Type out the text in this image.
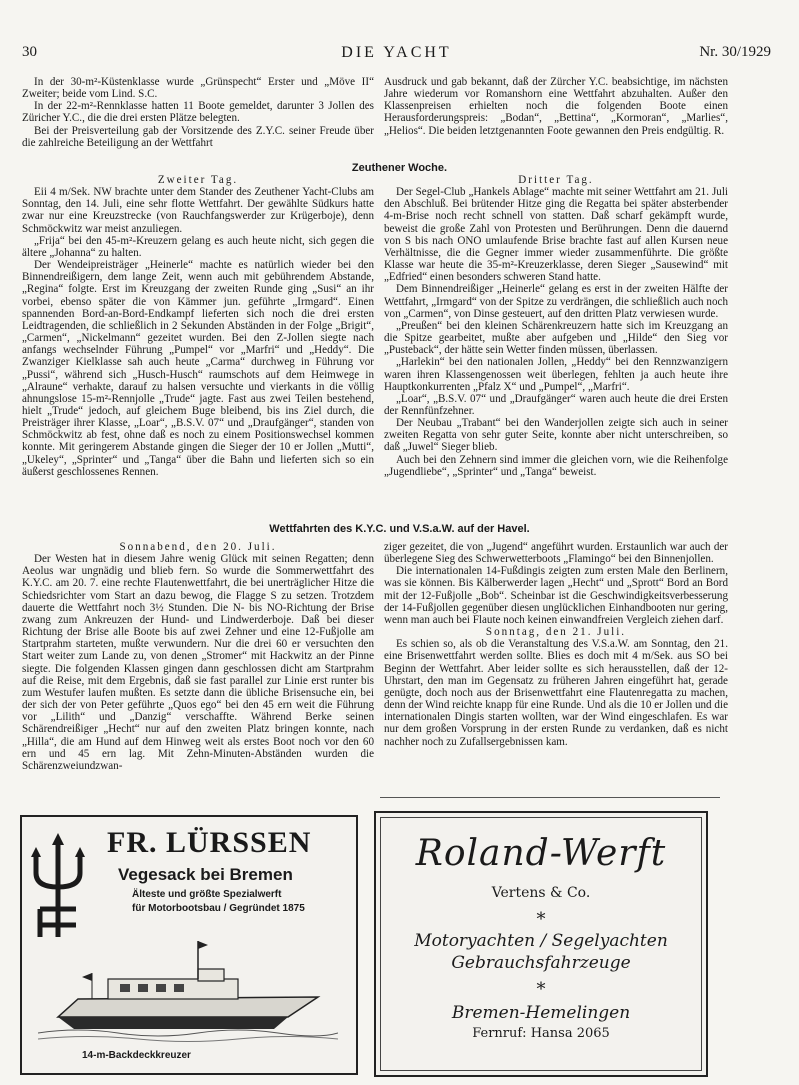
30	DIE YACHT	Nr. 30/1929

In der 30-m²-Küstenklasse wurde „Grünspecht“ Erster und „Möve II“ Zweiter; beide vom Lind. S.C.

In der 22-m²-Rennklasse hatten 11 Boote gemeldet, darunter 3 Jollen des Züricher Y.C., die die drei ersten Plätze belegten.

Bei der Preisverteilung gab der Vorsitzende des Z.Y.C. seiner Freude über die zahlreiche Beteiligung an der Wettfahrt

Ausdruck und gab bekannt, daß der Zürcher Y.C. beabsichtige, im nächsten Jahre wiederum vor Romanshorn eine Wettfahrt abzuhalten. Außer den Klassenpreisen erhielten noch die folgenden Boote einen Herausforderungspreis: „Bodan“, „Bettina“, „Kormoran“, „Marlies“, „Helios“. Die beiden letztgenannten Foote gewannen den Preis endgültig. R.

Zeuthener Woche.

Zweiter Tag.

Eii 4 m/Sek. NW brachte unter dem Stander des Zeuthener Yacht-Clubs am Sonntag, den 14. Juli, eine sehr flotte Wettfahrt. Der gewählte Südkurs hatte zwar nur eine Kreuzstrecke (von Rauchfangswerder zur Krügerboje), denn Schmöckwitz war meist anzuliegen.

„Frija“ bei den 45-m²-Kreuzern gelang es auch heute nicht, sich gegen die ältere „Johanna“ zu halten.

Der Wendeipreisträger „Heinerle“ machte es natürlich wieder bei den Binnendreißigern, dem lange Zeit, wenn auch mit gebührendem Abstande, „Regina“ folgte. Erst im Kreuzgang der zweiten Runde ging „Susi“ an ihr vorbei, ebenso später die von Kämmer jun. geführte „Irmgard“. Einen spannenden Bord-an-Bord-Endkampf lieferten sich noch die drei ersten Leidtragenden, die schließlich in 2 Sekunden Abständen in der Folge „Brigit“, „Carmen“, „Nickelmann“ gezeitet wurden. Bei den Z-Jollen siegte nach anfangs wechselnder Führung „Pumpel“ vor „Marfri“ und „Heddy“. Die Zwanziger Kielklasse sah auch heute „Carma“ durchweg in Führung vor „Pussi“, während sich „Husch-Husch“ raumschots auf dem Heimwege in „Alraune“ verhakte, darauf zu halsen versuchte und vierkants in die völlig ahnungslose 15-m²-Rennjolle „Trude“ jagte. Fast aus zwei Teilen bestehend, hielt „Trude“ jedoch, auf gleichem Buge bleibend, bis ins Ziel durch, die Preisträger ihrer Klasse, „Loar“, „B.S.V. 07“ und „Draufgänger“, standen von Schmöckwitz ab fest, ohne daß es noch zu einem Positionswechsel kommen konnte. Mit geringerem Abstande gingen die Sieger der 10 er Jollen „Mutti“, „Ukeley“, „Sprinter“ und „Tanga“ über die Bahn und lieferten sich so ein äußerst geschlossenes Rennen.

Dritter Tag.

Der Segel-Club „Hankels Ablage“ machte mit seiner Wettfahrt am 21. Juli den Abschluß. Bei brütender Hitze ging die Regatta bei später absterbender 4-m-Brise noch recht schnell von statten. Daß scharf gekämpft wurde, beweist die große Zahl von Protesten und Berührungen. Denn die dauernd von S bis nach ONO umlaufende Brise brachte fast auf allen Kursen neue Verhältnisse, die die Gegner immer wieder zusammenführte. Die größte Klasse war heute die 35-m²-Kreuzerklasse, deren Sieger „Sausewind“ mit „Edfried“ einen besonders schweren Stand hatte.

Dem Binnendreißiger „Heinerle“ gelang es erst in der zweiten Hälfte der Wettfahrt, „Irmgard“ von der Spitze zu verdrängen, die schließlich auch noch von „Carmen“, von Dinse gesteuert, auf den dritten Platz verwiesen wurde.

„Preußen“ bei den kleinen Schärenkreuzern hatte sich im Kreuzgang an die Spitze gearbeitet, mußte aber aufgeben und „Hilde“ den Sieg vor „Pusteback“, der hätte sein Wetter finden müssen, überlassen.

„Harlekin“ bei den nationalen Jollen, „Heddy“ bei den Rennzwanzigern waren ihren Klassengenossen weit überlegen, fehlten ja auch heute ihre Hauptkonkurrenten „Pfalz X“ und „Pumpel“, „Marfri“.

„Loar“, „B.S.V. 07“ und „Draufgänger“ waren auch heute die drei Ersten der Rennfünfzehner.

Der Neubau „Trabant“ bei den Wanderjollen zeigte sich auch in seiner zweiten Regatta von sehr guter Seite, konnte aber nicht unterschreiben, so daß „Juwel“ Sieger blieb.

Auch bei den Zehnern sind immer die gleichen vorn, wie die Reihenfolge „Jugendliebe“, „Sprinter“ und „Tanga“ beweist.

Wettfahrten des K.Y.C. und V.S.a.W. auf der Havel.

Sonnabend, den 20. Juli.

Der Westen hat in diesem Jahre wenig Glück mit seinen Regatten; denn Aeolus war ungnädig und blieb fern. So wurde die Sommerwettfahrt des K.Y.C. am 20. 7. eine rechte Flautenwettfahrt, die bei unerträglicher Hitze die Schiedsrichter vom Start an dazu bewog, die Flagge S zu setzen. Trotzdem dauerte die Wettfahrt noch 3½ Stunden. Die N- bis NO-Richtung der Brise zwang zum Ankreuzen der Hund- und Lindwerderboje. Daß bei dieser Richtung der Brise alle Boote bis auf zwei Zehner und eine 12-Fußjolle am Startprahm starteten, mußte verwundern. Nur die drei 60 er versuchten den Start weiter zum Lande zu, von denen „Stromer“ mit Hackwitz an der Pinne siegte. Die folgenden Klassen gingen dann geschlossen dicht am Startprahm auf die Reise, mit dem Ergebnis, daß sie fast parallel zur Linie erst runter bis zum Westufer laufen mußten. Es setzte dann die übliche Brisensuche ein, bei der sich der von Peter geführte „Quos ego“ bei den 45 ern weit die Führung vor „Lilith“ und „Danzig“ verschaffte. Während Berke seinen Schärendreißiger „Hecht“ nur auf den zweiten Platz bringen konnte, nach „Hilla“, die am Hund auf dem Hinweg weit als erstes Boot noch vor den 60 ern und 45 ern lag. Mit Zehn-Minuten-Abständen wurden die Schärenzweiundzwan-

ziger gezeitet, die von „Jugend“ angeführt wurden. Erstaunlich war auch der überlegene Sieg des Schwerwetterboots „Flamingo“ bei den Binnenjollen.

Die internationalen 14-Fußdingis zeigten zum ersten Male den Berlinern, was sie können. Bis Kälberwerder lagen „Hecht“ und „Sprott“ Bord an Bord mit der 12-Fußjolle „Bob“. Scheinbar ist die Geschwindigkeitsverbesserung der 14-Fußjollen gegenüber diesen unglücklichen Einhandbooten nur gering, wenn man auch bei Flaute noch keinen einwandfreien Vergleich ziehen darf.

Sonntag, den 21. Juli.

Es schien so, als ob die Veranstaltung des V.S.a.W. am Sonntag, den 21. eine Brisenwettfahrt werden sollte. Blies es doch mit 4 m/Sek. aus SO bei Beginn der Wettfahrt. Aber leider sollte es sich herausstellen, daß der 12-Uhrstart, den man im Gegensatz zu früheren Jahren eingeführt hat, gerade genügte, doch noch aus der Brisenwettfahrt eine Flautenregatta zu machen, denn der Wind reichte knapp für eine Runde. Und als die 10 er Jollen und die internationalen Dingis starten wollten, war der Wind eingeschlafen. Es war nur dem großen Vorsprung in der ersten Runde zu verdanken, daß es nicht nachher noch zu Zufallsergebnissen kam.

FR. LÜRSSEN
Vegesack bei Bremen
Älteste und größte Spezialwerft
für Motorbootsbau / Gegründet 1875
14-m-Backdeckkreuzer
Roland-Werft
Vertens & Co.
*
Motoryachten / Segelyachten
Gebrauchsfahrzeuge
*
Bremen-Hemelingen
Fernruf: Hansa 2065
